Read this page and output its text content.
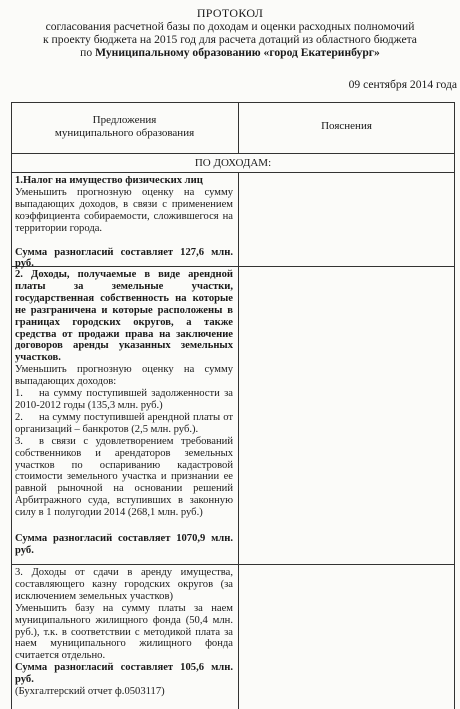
ПРОТОКОЛ
согласования расчетной базы по доходам и оценки расходных полномочий
к проекту бюджета на 2015 год для расчета дотаций из областного бюджета
по Муниципальному образованию «город Екатеринбург»
09 сентября 2014 года
Предложения
муниципального образования
Пояснения
ПО ДОХОДАМ:

1.Налог на имущество физических лиц

Уменьшить прогнозную оценку на сумму выпадающих доходов, в связи с применением коэффициента собираемости, сложившегося на территории города.

Сумма разногласий составляет 127,6 млн. руб.

2. Доходы, получаемые в виде арендной платы за земельные участки, государственная собственность на которые не разграничена и которые расположены в границах городских округов, а также средства от продажи права на заключение договоров аренды указанных земельных участков.

Уменьшить прогнозную оценку на сумму выпадающих доходов:

1. на сумму поступившей задолженности за 2010-2012 годы (135,3 млн. руб.)

2. на сумму поступившей арендной платы от организаций – банкротов (2,5 млн. руб.).

3. в связи с удовлетворением требований собственников и арендаторов земельных участков по оспариванию кадастровой стоимости земельного участка и признании ее равной рыночной на основании решений Арбитражного суда, вступивших в законную силу в 1 полугодии 2014 (268,1 млн. руб.)

Сумма разногласий составляет 1070,9 млн. руб.

3. Доходы от сдачи в аренду имущества, составляющего казну городских округов (за исключением земельных участков)

Уменьшить базу на сумму платы за наем муниципального жилищного фонда (50,4 млн. руб.), т.к. в соответствии с методикой плата за наем муниципального жилищного фонда считается отдельно.

Сумма разногласий составляет 105,6 млн. руб.

(Бухгалтерский отчет ф.0503117)
